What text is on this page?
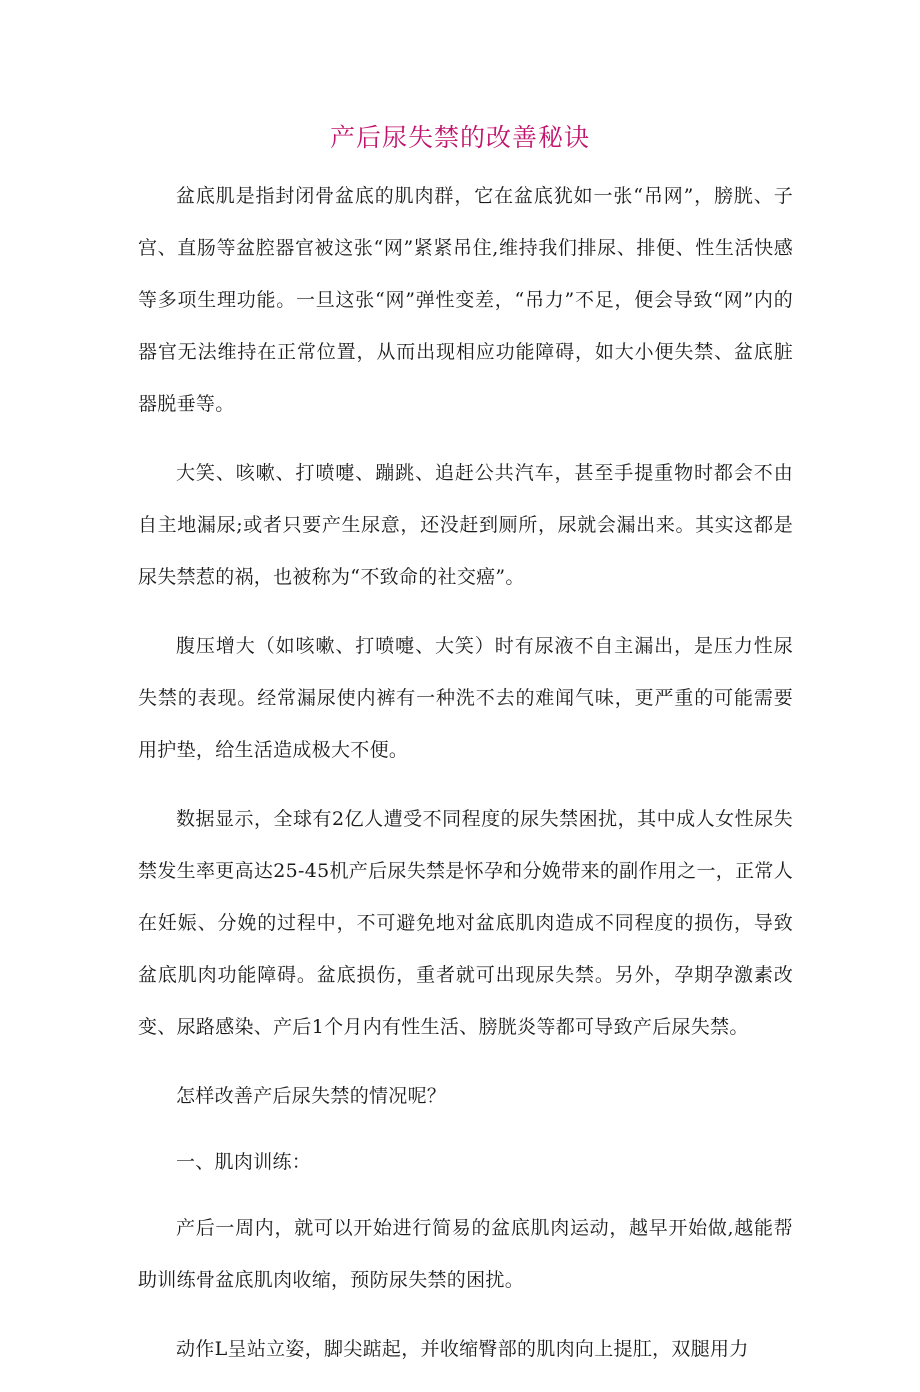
产后尿失禁的改善秘诀

盆底肌是指封闭骨盆底的肌肉群，它在盆底犹如一张“吊网”，膀胱、子宫、直肠等盆腔器官被这张“网”紧紧吊住,维持我们排尿、排便、性生活快感等多项生理功能。一旦这张“网”弹性变差，“吊力”不足，便会导致“网”内的器官无法维持在正常位置，从而出现相应功能障碍，如大小便失禁、盆底脏器脱垂等。

大笑、咳嗽、打喷嚏、蹦跳、追赶公共汽车，甚至手提重物时都会不由自主地漏尿;或者只要产生尿意，还没赶到厕所，尿就会漏出来。其实这都是尿失禁惹的祸，也被称为“不致命的社交癌”。

腹压增大（如咳嗽、打喷嚏、大笑）时有尿液不自主漏出，是压力性尿失禁的表现。经常漏尿使内裤有一种洗不去的难闻气味，更严重的可能需要用护垫，给生活造成极大不便。

数据显示，全球有2亿人遭受不同程度的尿失禁困扰，其中成人女性尿失禁发生率更高达25-45机产后尿失禁是怀孕和分娩带来的副作用之一，正常人在妊娠、分娩的过程中，不可避免地对盆底肌肉造成不同程度的损伤，导致盆底肌肉功能障碍。盆底损伤，重者就可出现尿失禁。另外，孕期孕激素改变、尿路感染、产后1个月内有性生活、膀胱炎等都可导致产后尿失禁。

怎样改善产后尿失禁的情况呢？

一、肌肉训练：

产后一周内，就可以开始进行简易的盆底肌肉运动，越早开始做,越能帮助训练骨盆底肌肉收缩，预防尿失禁的困扰。

动作L呈站立姿，脚尖踮起，并收缩臀部的肌肉向上提肛，双腿用力
